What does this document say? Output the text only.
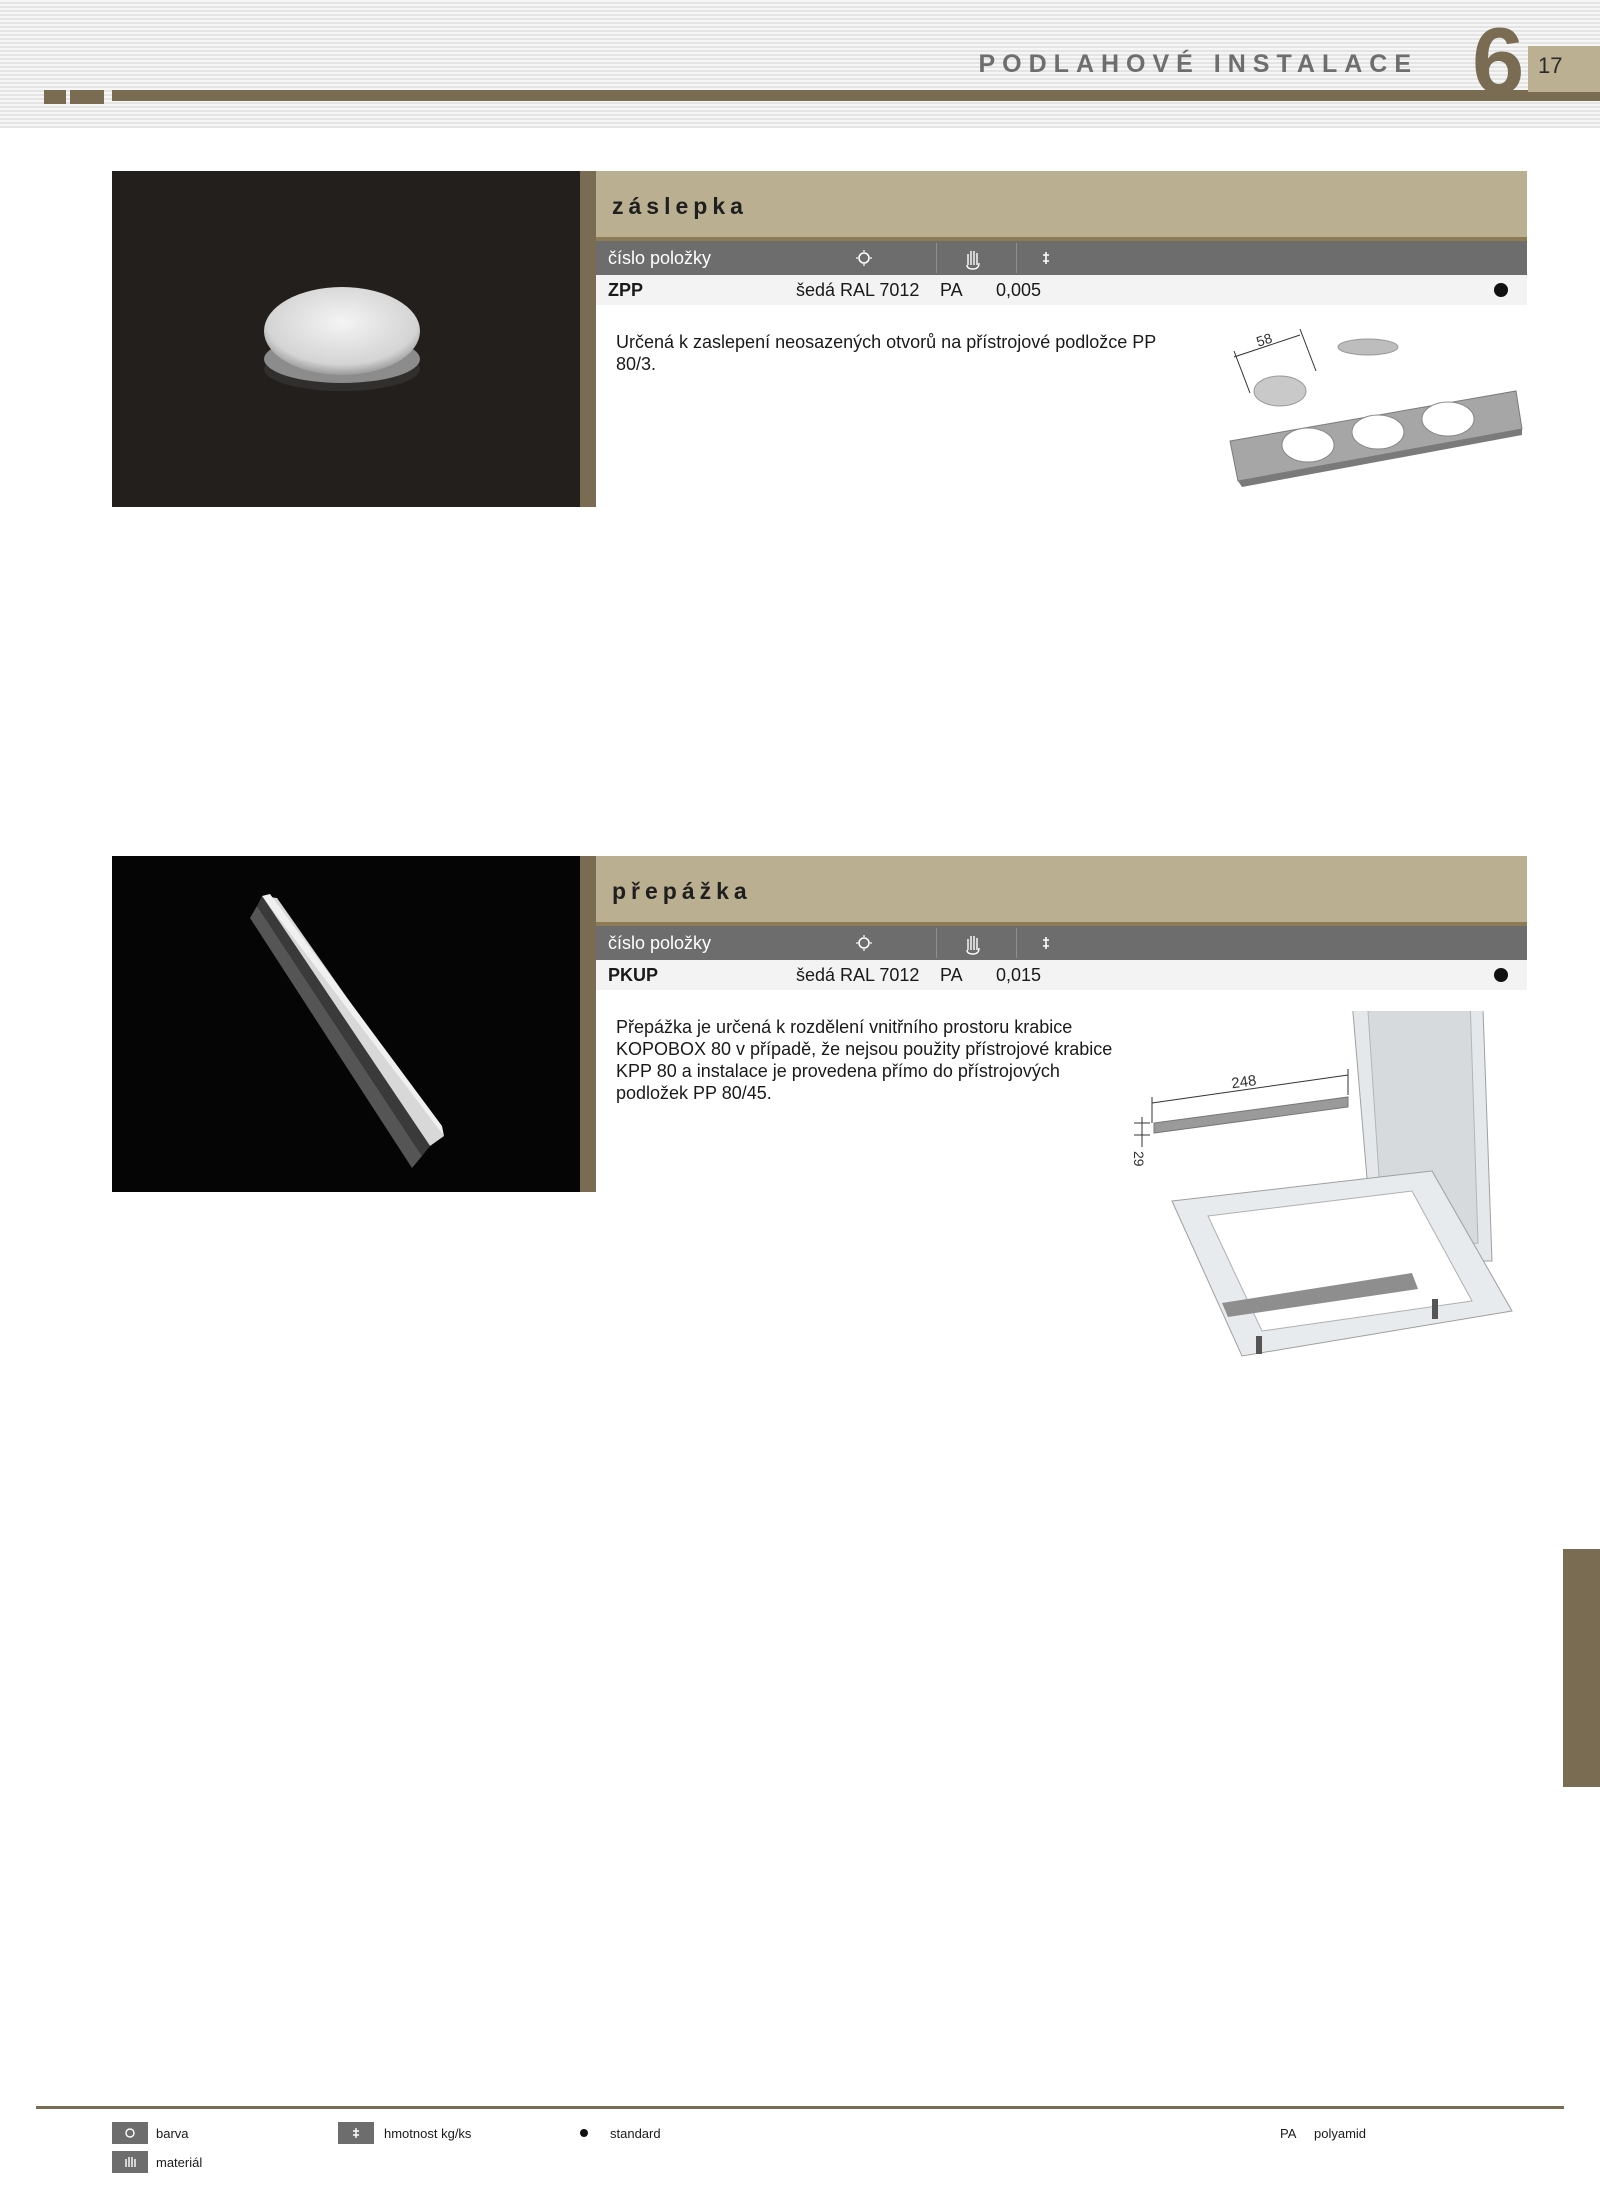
PODLAHOVÉ INSTALACE	17
6
záslepka
číslo položky
ZPP	šedá RAL 7012 PA 0,005
Určená k zaslepení neosazených otvorů na přístrojové podložce PP 80/3.
58
přepážka
číslo položky
PKUP	šedá RAL 7012 PA 0,015
Přepážka je určená k rozdělení vnitřního prostoru krabice KOPOBOX 80 v případě, že nejsou použity přístrojové krabice KPP 80 a instalace je provedena přímo do přístrojových podložek PP 80/45.
248
29
barva	hmotnost kg/ks	standard	PA polyamid
materiál
